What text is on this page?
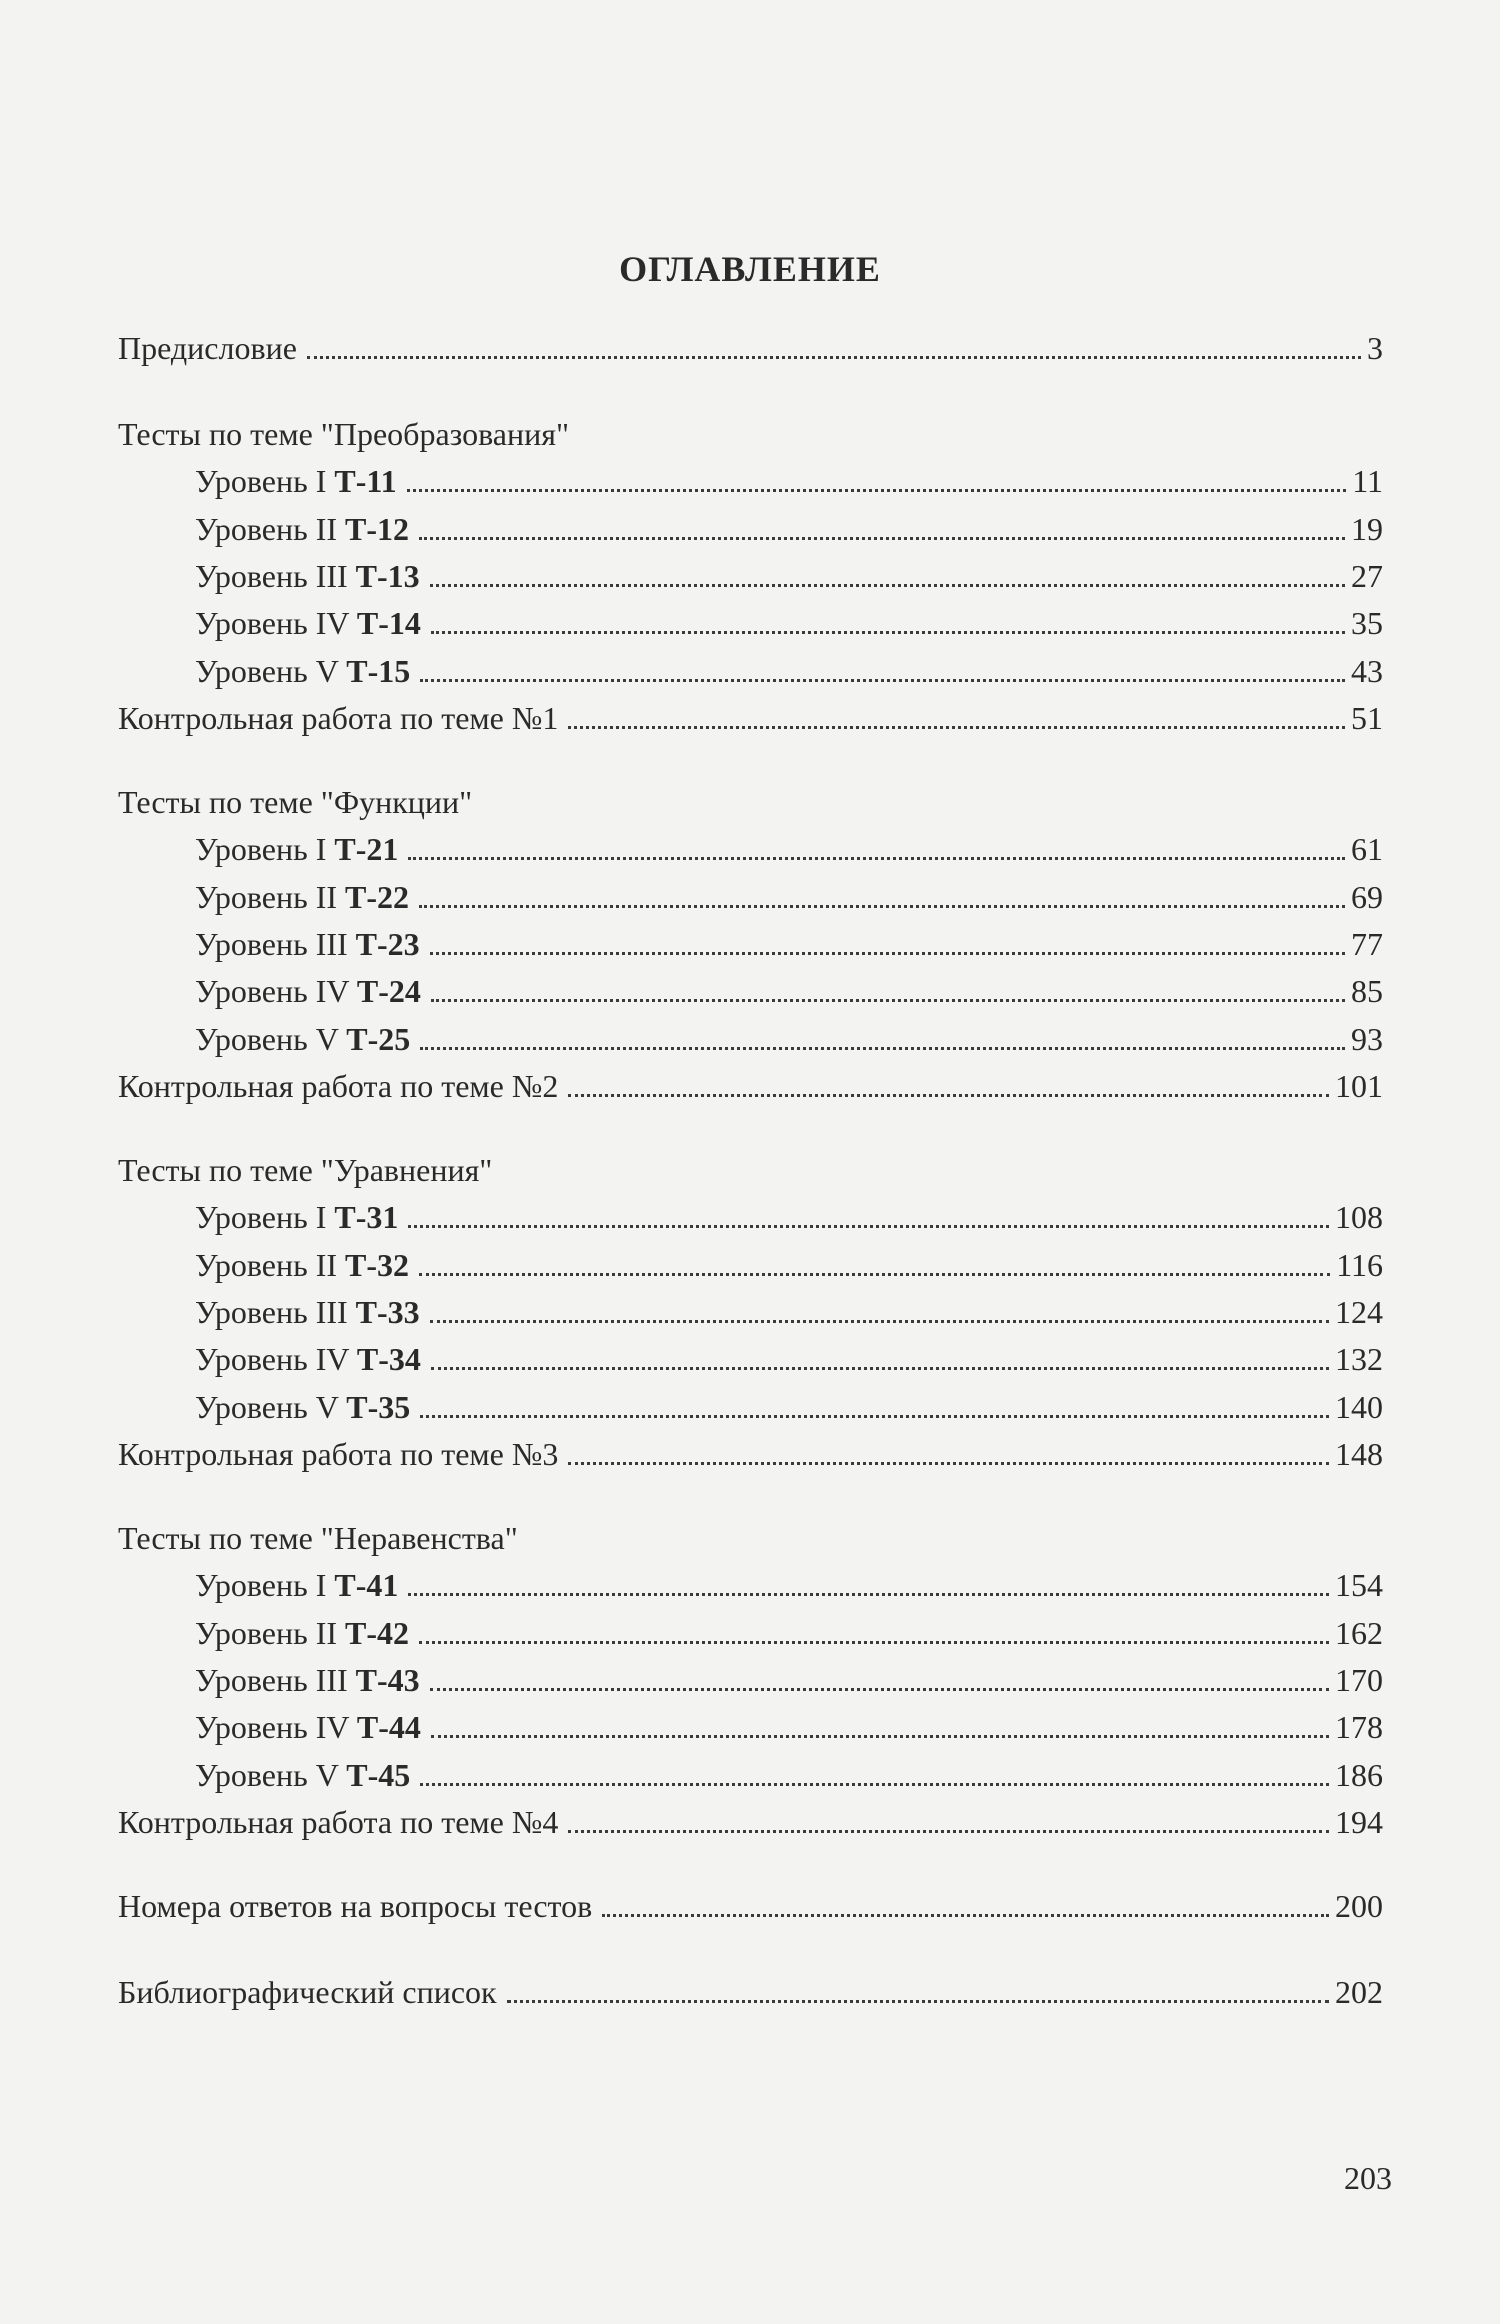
ОГЛАВЛЕНИЕ
Предисловие	3
Тесты по теме "Преобразования"
Уровень I Т-11	11
Уровень II Т-12	19
Уровень III Т-13	27
Уровень IV Т-14	35
Уровень V Т-15	43
Контрольная работа по теме №1	51
Тесты по теме "Функции"
Уровень I Т-21	61
Уровень II Т-22	69
Уровень III Т-23	77
Уровень IV Т-24	85
Уровень V Т-25	93
Контрольная работа по теме №2	101
Тесты по теме "Уравнения"
Уровень I Т-31	108
Уровень II Т-32	116
Уровень III Т-33	124
Уровень IV Т-34	132
Уровень V Т-35	140
Контрольная работа по теме №3	148
Тесты по теме "Неравенства"
Уровень I Т-41	154
Уровень II Т-42	162
Уровень III Т-43	170
Уровень IV Т-44	178
Уровень V Т-45	186
Контрольная работа по теме №4	194
Номера ответов на вопросы тестов	200
Библиографический список	202
203
